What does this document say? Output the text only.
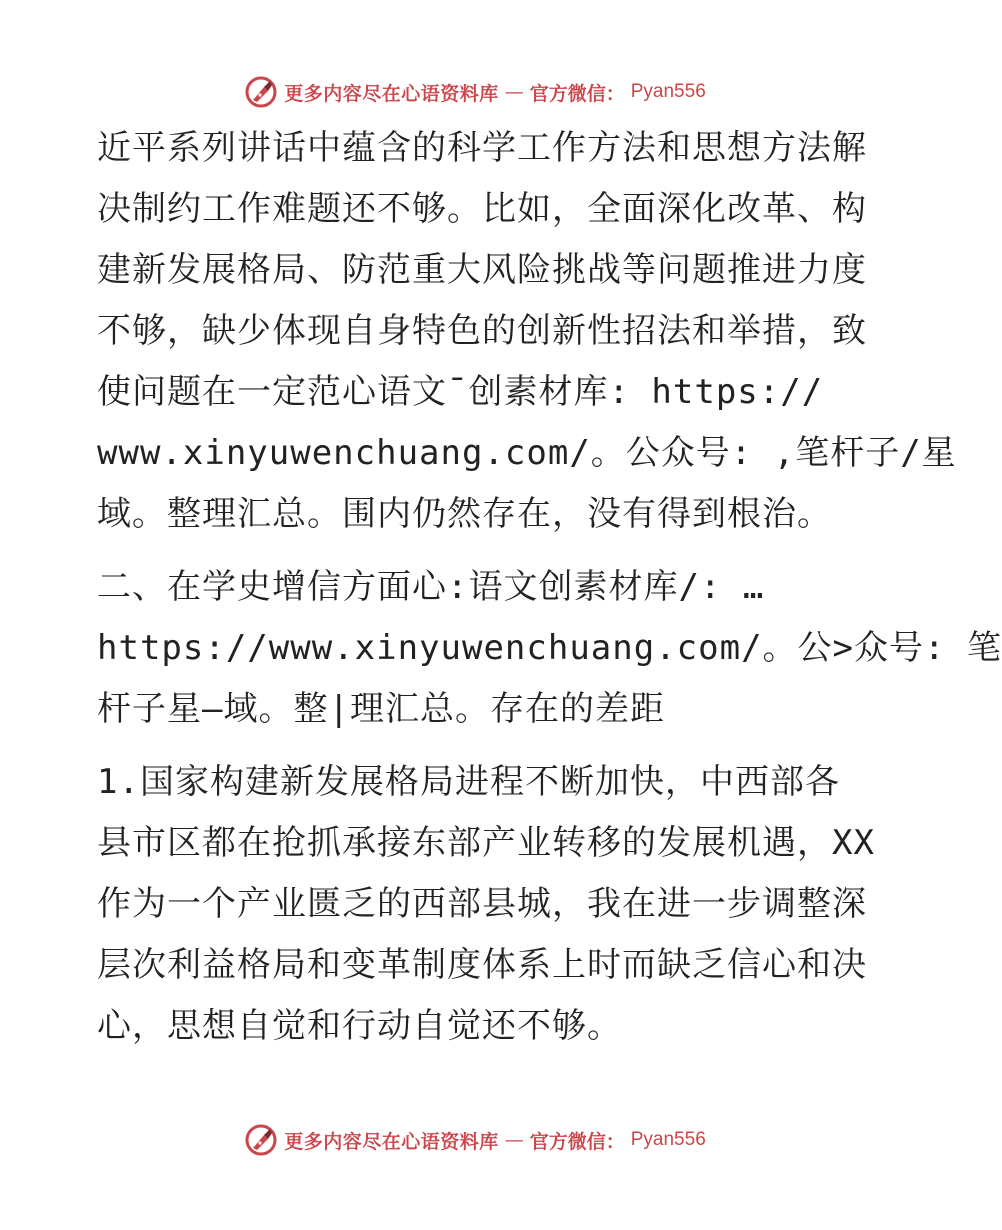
更多内容尽在心语资料库 — 官方微信： Pyan556

近平系列讲话中蕴含的科学工作方法和思想方法解
决制约工作难题还不够。比如，全面深化改革、构
建新发展格局、防范重大风险挑战等问题推进力度
不够，缺少体现自身特色的创新性招法和举措，致
使问题在一定范心语文¯创素材库: https://
www.xinyuwenchuang.com/。公众号: ,笔杆子/星
域。整理汇总。围内仍然存在，没有得到根治。

二、在学史增信方面心:语文创素材库/: …
https://www.xinyuwenchuang.com/。公>众号: 笔
杆子星—域。整|理汇总。存在的差距

1.国家构建新发展格局进程不断加快，中西部各
县市区都在抢抓承接东部产业转移的发展机遇，XX
作为一个产业匮乏的西部县城，我在进一步调整深
层次利益格局和变革制度体系上时而缺乏信心和决
心，思想自觉和行动自觉还不够。

更多内容尽在心语资料库 — 官方微信： Pyan556
